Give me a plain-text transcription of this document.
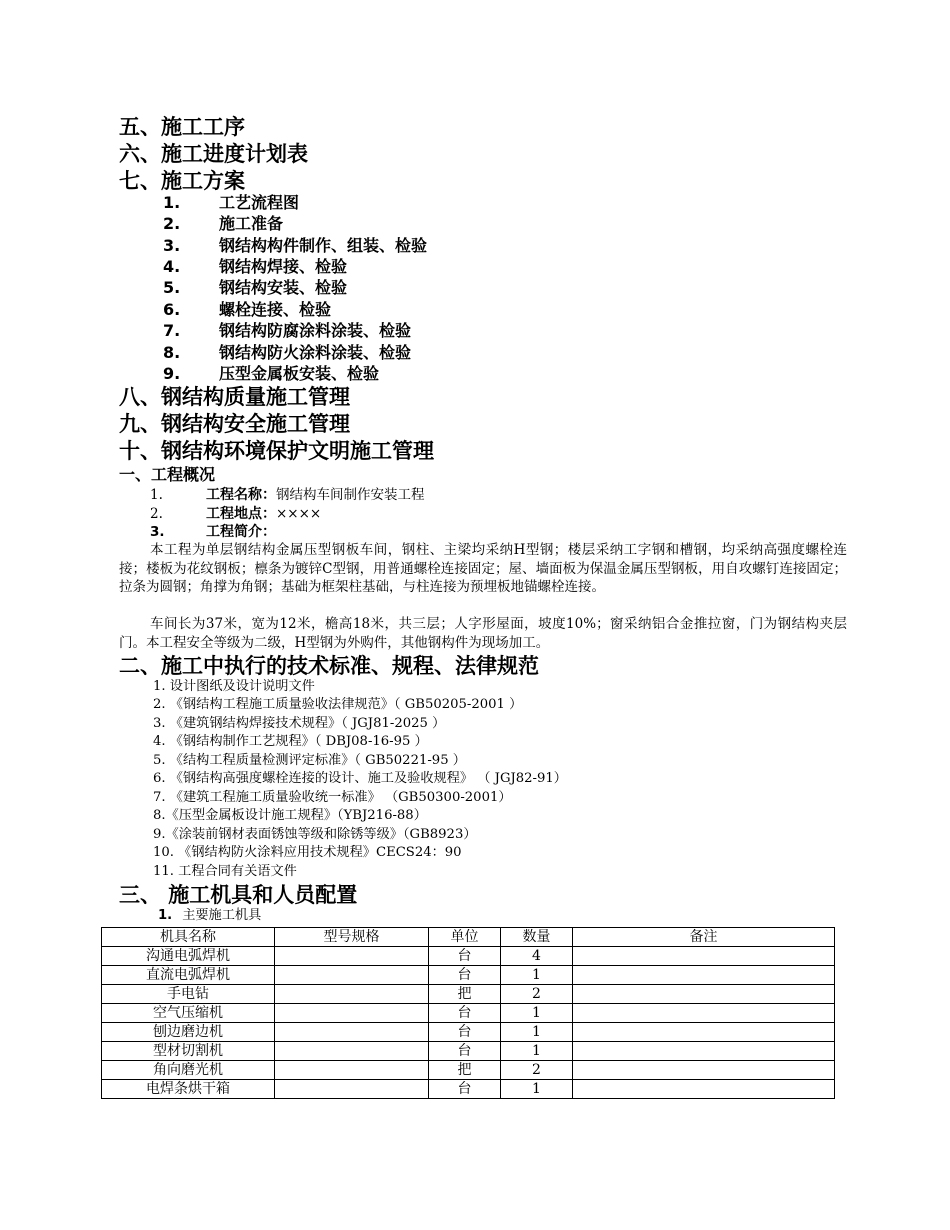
五、施工工序
六、施工进度计划表
七、施工方案
1. 工艺流程图
2. 施工准备
3. 钢结构构件制作、组装、检验
4. 钢结构焊接、检验
5. 钢结构安装、检验
6. 螺栓连接、检验
7. 钢结构防腐涂料涂装、检验
8. 钢结构防火涂料涂装、检验
9. 压型金属板安装、检验
八、钢结构质量施工管理
九、钢结构安全施工管理
十、钢结构环境保护文明施工管理
一、工程概况
1.	工程名称：钢结构车间制作安装工程
2.	工程地点：××××
3.	工程简介：
本工程为单层钢结构金属压型钢板车间，钢柱、主梁均采纳H型钢；楼层采纳工字钢和槽钢，均采纳高强度螺栓连接；楼板为花纹钢板；檩条为镀锌C型钢，用普通螺栓连接固定；屋、墙面板为保温金属压型钢板，用自攻螺钉连接固定；拉条为圆钢；角撑为角钢；基础为框架柱基础，与柱连接为预埋板地锚螺栓连接。
车间长为37米，宽为12米，檐高18米，共三层；人字形屋面，坡度10%；窗采纳铝合金推拉窗，门为钢结构夹层门。本工程安全等级为二级，H型钢为外购件，其他钢构件为现场加工。
二、施工中执行的技术标准、规程、法律规范
1. 设计图纸及设计说明文件
2. 《钢结构工程施工质量验收法律规范》（ GB50205-2001 ）
3. 《建筑钢结构焊接技术规程》（ JGJ81-2025 ）
4. 《钢结构制作工艺规程》（ DBJ08-16-95 ）
5. 《结构工程质量检测评定标准》（ GB50221-95 ）
6. 《钢结构高强度螺栓连接的设计、施工及验收规程》 （ JGJ82-91）
7. 《建筑工程施工质量验收统一标准》 （GB50300-2001）
8.《压型金属板设计施工规程》（YBJ216-88）
9.《涂装前钢材表面锈蚀等级和除锈等级》（GB8923）
10. 《钢结构防火涂料应用技术规程》CECS24：90
11. 工程合同有关语文件
三、 施工机具和人员配置
1. 主要施工机具
机具名称	型号规格	单位	数量	备注
沟通电弧焊机		台	4	
直流电弧焊机		台	1	
手电钻		把	2	
空气压缩机		台	1	
刨边磨边机		台	1	
型材切割机		台	1	
角向磨光机		把	2	
电焊条烘干箱		台	1	
